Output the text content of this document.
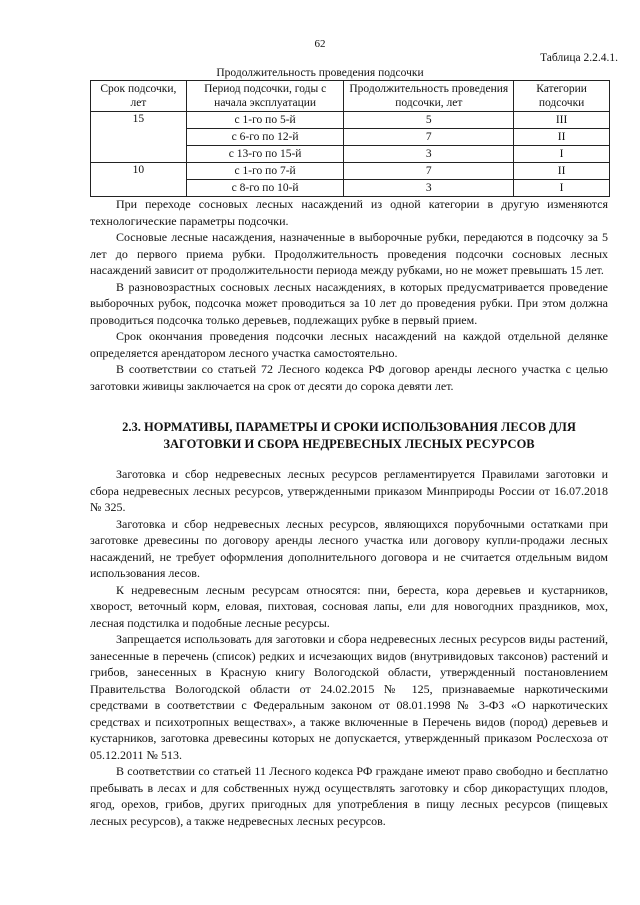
62
Таблица 2.2.4.1.
Продолжительность проведения подсочки
Срок подсочки, лет	Период подсочки, годы с начала эксплуатации	Продолжительность проведения подсочки, лет	Категории подсочки
15	с 1-го по 5-й	5	III
	с 6-го по 12-й	7	II
	с 13-го по 15-й	3	I
10	с 1-го по 7-й	7	II
	с 8-го по 10-й	3	I

При переходе сосновых лесных насаждений из одной категории в другую изменяются технологические параметры подсочки.

Сосновые лесные насаждения, назначенные в выборочные рубки, передаются в подсочку за 5 лет до первого приема рубки. Продолжительность проведения подсочки сосновых лесных насаждений зависит от продолжительности периода между рубками, но не может превышать 15 лет.

В разновозрастных сосновых лесных насаждениях, в которых предусматривается проведение выборочных рубок, подсочка может проводиться за 10 лет до проведения рубки. При этом должна проводиться подсочка только деревьев, подлежащих рубке в первый прием.

Срок окончания проведения подсочки лесных насаждений на каждой отдельной делянке определяется арендатором лесного участка самостоятельно.

В соответствии со статьей 72 Лесного кодекса РФ договор аренды лесного участка с целью заготовки живицы заключается на срок от десяти до сорока девяти лет.

2.3. НОРМАТИВЫ, ПАРАМЕТРЫ И СРОКИ ИСПОЛЬЗОВАНИЯ ЛЕСОВ ДЛЯ ЗАГОТОВКИ И СБОРА НЕДРЕВЕСНЫХ ЛЕСНЫХ РЕСУРСОВ

Заготовка и сбор недревесных лесных ресурсов регламентируется Правилами заготовки и сбора недревесных лесных ресурсов, утвержденными приказом Минприроды России от 16.07.2018 № 325.

Заготовка и сбор недревесных лесных ресурсов, являющихся порубочными остатками при заготовке древесины по договору аренды лесного участка или договору купли-продажи лесных насаждений, не требует оформления дополнительного договора и не считается отдельным видом использования лесов.

К недревесным лесным ресурсам относятся: пни, береста, кора деревьев и кустарников, хворост, веточный корм, еловая, пихтовая, сосновая лапы, ели для новогодних праздников, мох, лесная подстилка и подобные лесные ресурсы.

Запрещается использовать для заготовки и сбора недревесных лесных ресурсов виды растений, занесенные в перечень (список) редких и исчезающих видов (внутривидовых таксонов) растений и грибов, занесенных в Красную книгу Вологодской области, утвержденный постановлением Правительства Вологодской области от 24.02.2015 № 125, признаваемые наркотическими средствами в соответствии с Федеральным законом от 08.01.1998 № 3-ФЗ «О наркотических средствах и психотропных веществах», а также включенные в Перечень видов (пород) деревьев и кустарников, заготовка древесины которых не допускается, утвержденный приказом Рослесхоза от 05.12.2011 № 513.

В соответствии со статьей 11 Лесного кодекса РФ граждане имеют право свободно и бесплатно пребывать в лесах и для собственных нужд осуществлять заготовку и сбор дикорастущих плодов, ягод, орехов, грибов, других пригодных для употребления в пищу лесных ресурсов (пищевых лесных ресурсов), а также недревесных лесных ресурсов.
